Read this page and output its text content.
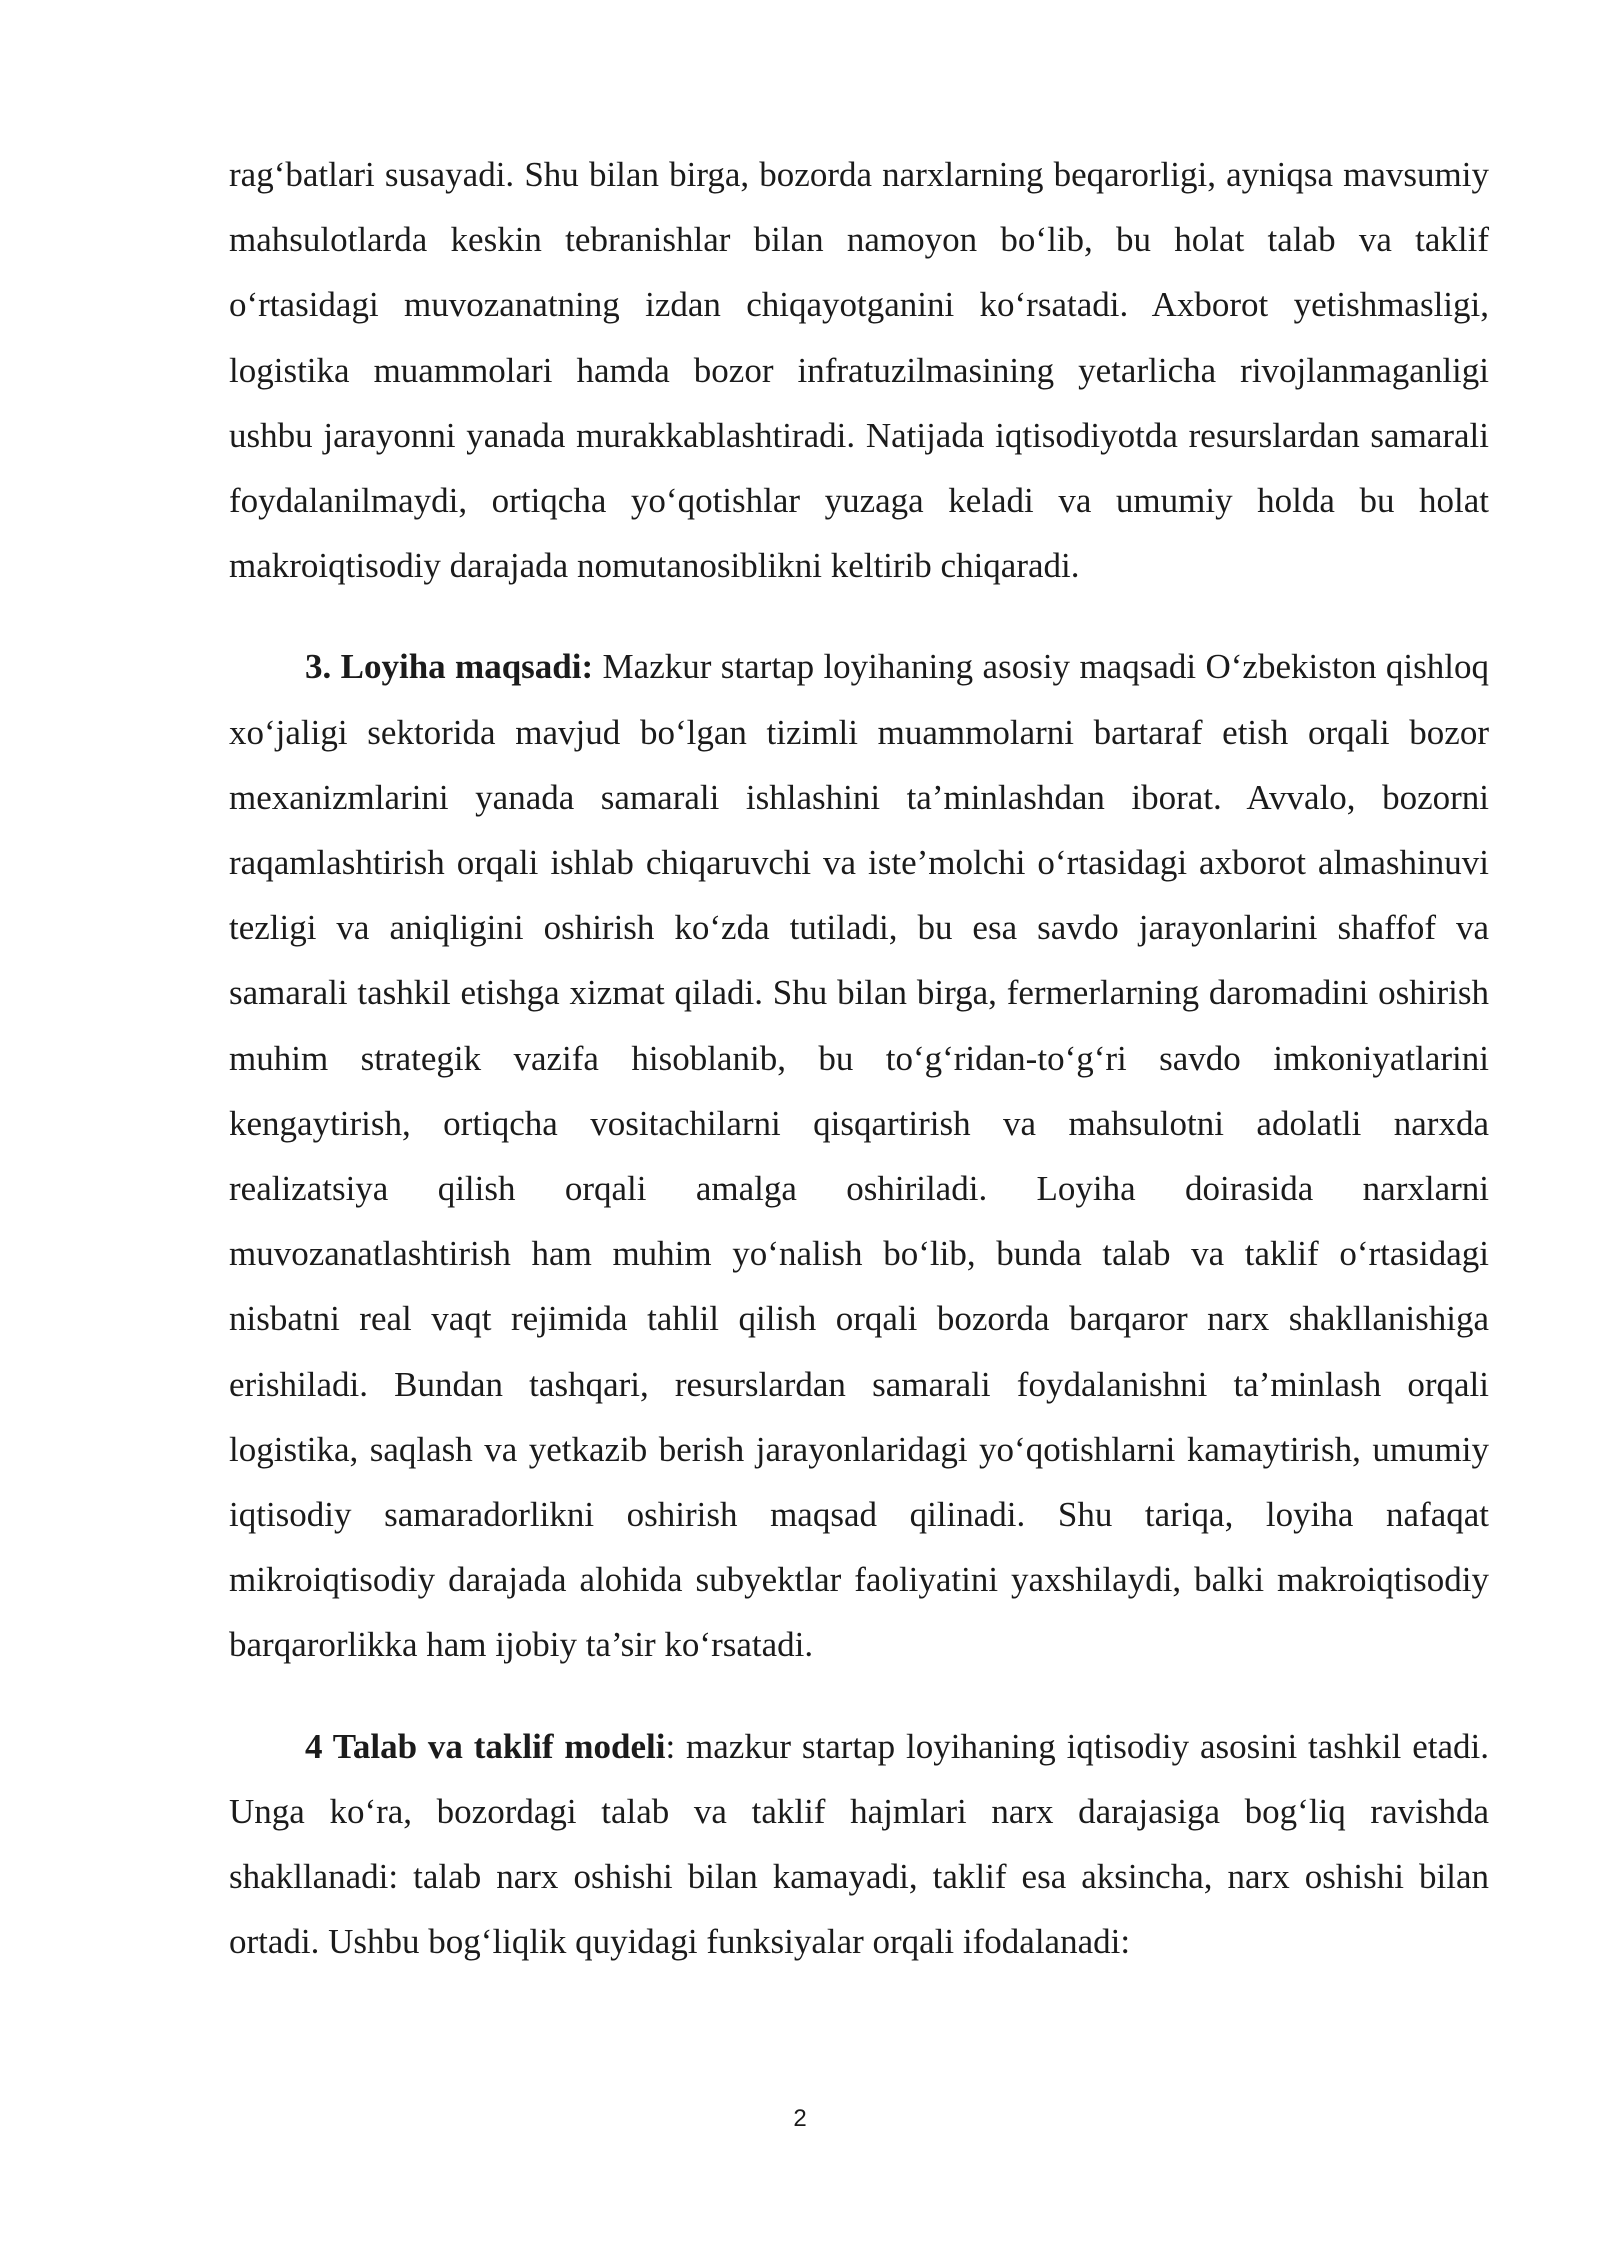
rag‘batlari susayadi. Shu bilan birga, bozorda narxlarning beqarorligi, ayniqsa mavsumiy mahsulotlarda keskin tebranishlar bilan namoyon bo‘lib, bu holat talab va taklif o‘rtasidagi muvozanatning izdan chiqayotganini ko‘rsatadi. Axborot yetishmasligi, logistika muammolari hamda bozor infratuzilmasining yetarlicha rivojlanmaganligi ushbu jarayonni yanada murakkablashtiradi. Natijada iqtisodiyotda resurslardan samarali foydalanilmaydi, ortiqcha yo‘qotishlar yuzaga keladi va umumiy holda bu holat makroiqtisodiy darajada nomutanosiblikni keltirib chiqaradi.

3. Loyiha maqsadi: Mazkur startap loyihaning asosiy maqsadi O‘zbekiston qishloq xo‘jaligi sektorida mavjud bo‘lgan tizimli muammolarni bartaraf etish orqali bozor mexanizmlarini yanada samarali ishlashini ta’minlashdan iborat. Avvalo, bozorni raqamlashtirish orqali ishlab chiqaruvchi va iste’molchi o‘rtasidagi axborot almashinuvi tezligi va aniqligini oshirish ko‘zda tutiladi, bu esa savdo jarayonlarini shaffof va samarali tashkil etishga xizmat qiladi. Shu bilan birga, fermerlarning daromadini oshirish muhim strategik vazifa hisoblanib, bu to‘g‘ridan-to‘g‘ri savdo imkoniyatlarini kengaytirish, ortiqcha vositachilarni qisqartirish va mahsulotni adolatli narxda realizatsiya qilish orqali amalga oshiriladi. Loyiha doirasida narxlarni muvozanatlashtirish ham muhim yo‘nalish bo‘lib, bunda talab va taklif o‘rtasidagi nisbatni real vaqt rejimida tahlil qilish orqali bozorda barqaror narx shakllanishiga erishiladi. Bundan tashqari, resurslardan samarali foydalanishni ta’minlash orqali logistika, saqlash va yetkazib berish jarayonlaridagi yo‘qotishlarni kamaytirish, umumiy iqtisodiy samaradorlikni oshirish maqsad qilinadi. Shu tariqa, loyiha nafaqat mikroiqtisodiy darajada alohida subyektlar faoliyatini yaxshilaydi, balki makroiqtisodiy barqarorlikka ham ijobiy ta’sir ko‘rsatadi.

4 Talab va taklif modeli: mazkur startap loyihaning iqtisodiy asosini tashkil etadi. Unga ko‘ra, bozordagi talab va taklif hajmlari narx darajasiga bog‘liq ravishda shakllanadi: talab narx oshishi bilan kamayadi, taklif esa aksincha, narx oshishi bilan ortadi. Ushbu bog‘liqlik quyidagi funksiyalar orqali ifodalanadi:

2
